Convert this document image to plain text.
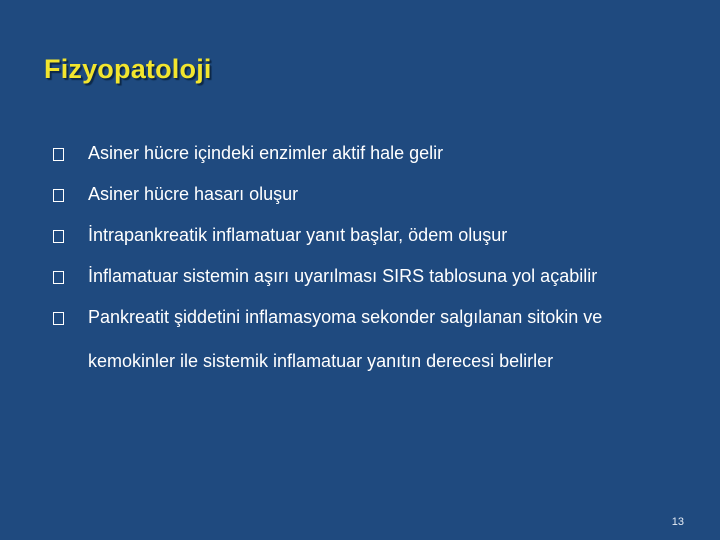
Fizyopatoloji
Asiner hücre içindeki enzimler aktif hale gelir
Asiner hücre hasarı oluşur
İntrapankreatik inflamatuar yanıt başlar, ödem oluşur
İnflamatuar sistemin aşırı uyarılması SIRS tablosuna yol açabilir
Pankreatit şiddetini inflamasyoma sekonder salgılanan sitokin ve kemokinler ile sistemik inflamatuar yanıtın derecesi belirler
13
